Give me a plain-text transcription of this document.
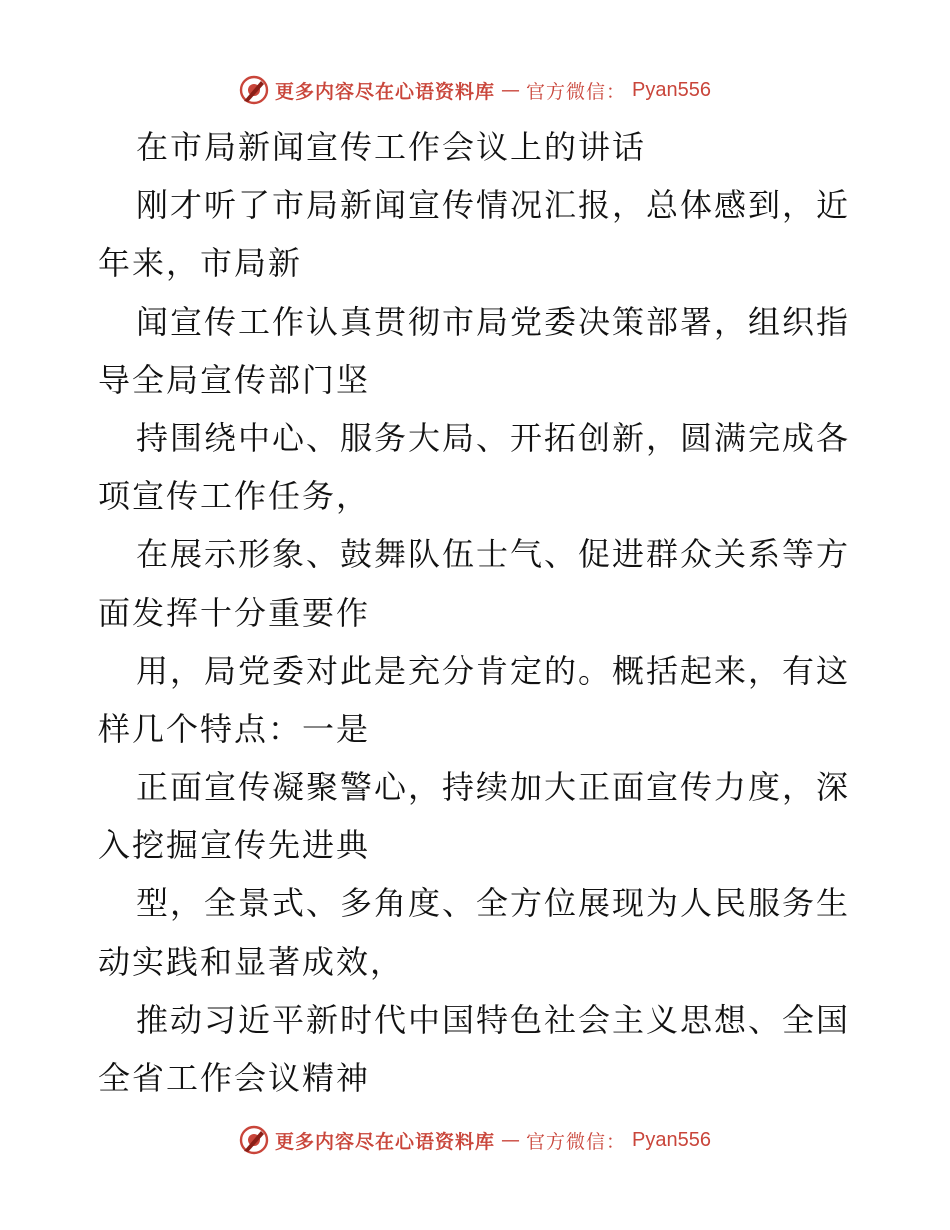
更多内容尽在心语资料库 — 官方微信： Pyan556
在市局新闻宣传工作会议上的讲话
刚才听了市局新闻宣传情况汇报，总体感到，近
年来，市局新
闻宣传工作认真贯彻市局党委决策部署，组织指
导全局宣传部门坚
持围绕中心、服务大局、开拓创新，圆满完成各
项宣传工作任务，
在展示形象、鼓舞队伍士气、促进群众关系等方
面发挥十分重要作
用，局党委对此是充分肯定的。概括起来，有这
样几个特点：一是
正面宣传凝聚警心，持续加大正面宣传力度，深
入挖掘宣传先进典
型，全景式、多角度、全方位展现为人民服务生
动实践和显著成效，
推动习近平新时代中国特色社会主义思想、全国
全省工作会议精神
更多内容尽在心语资料库 — 官方微信： Pyan556
